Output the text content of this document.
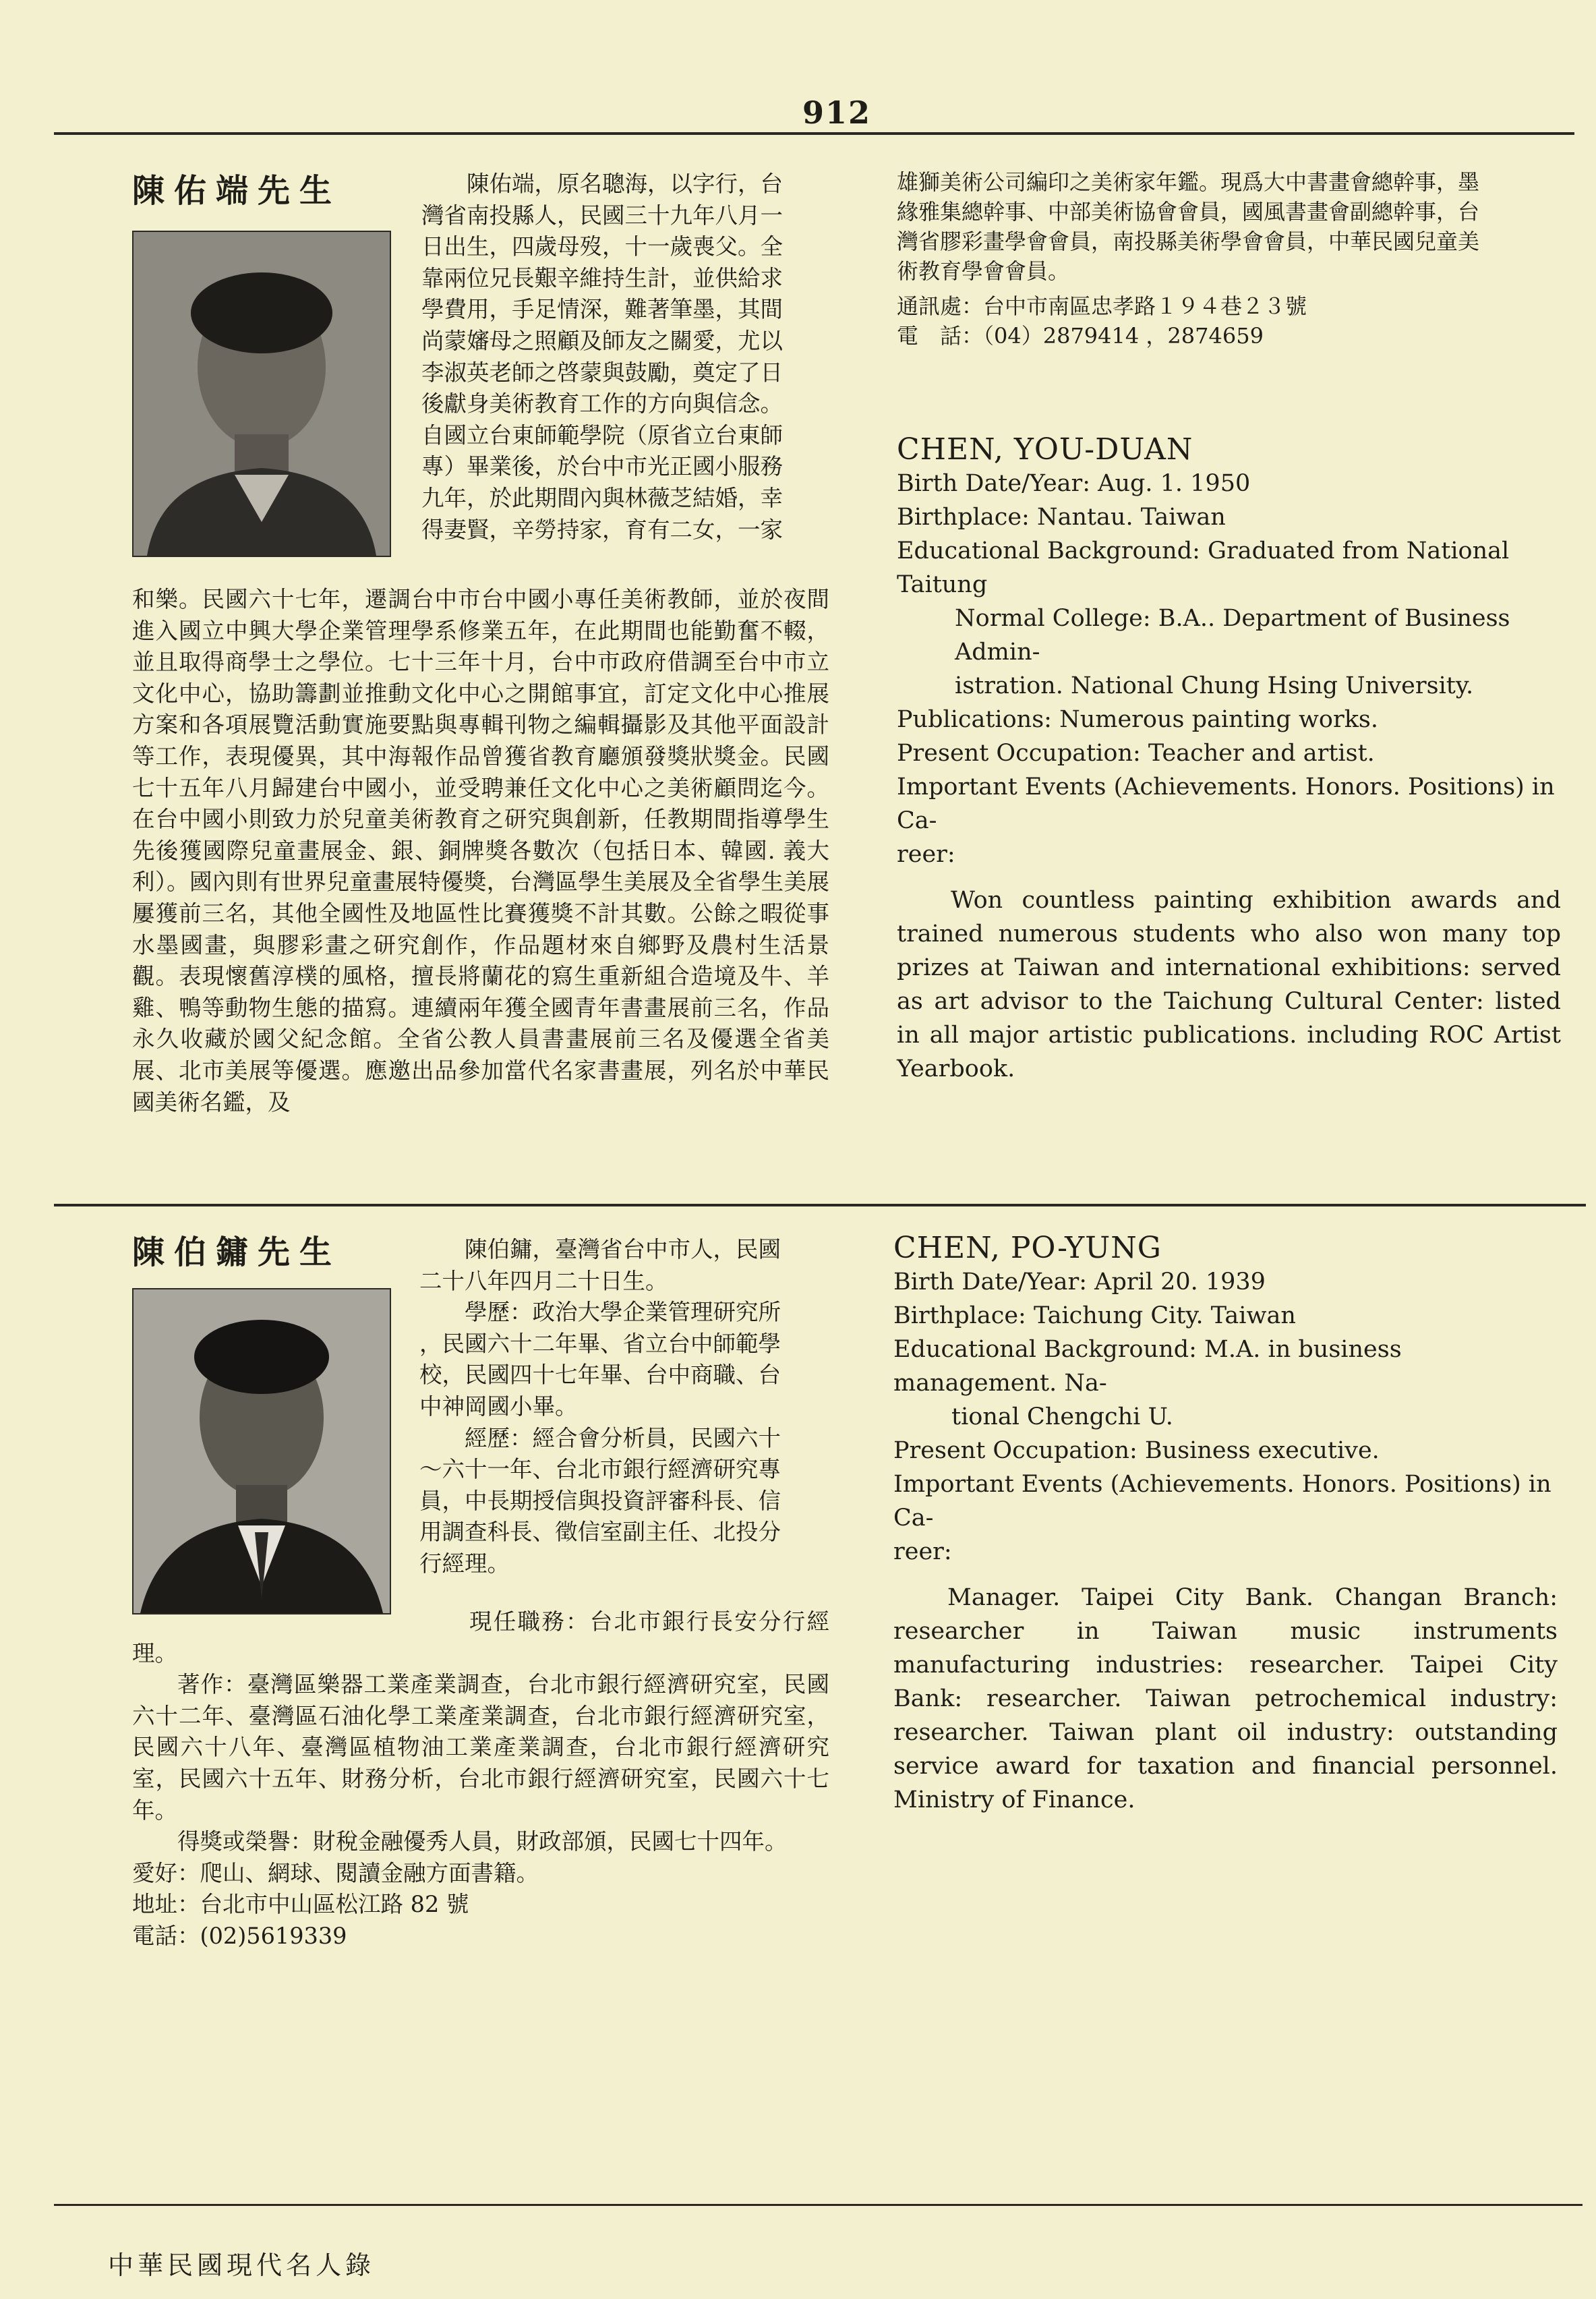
912
陳佑端先生	陳佑端，原名聰海，以字行，台

灣省南投縣人，民國三十九年八月一

日出生，四歲母歿，十一歲喪父。全

靠兩位兄長艱辛維持生計，並供給求

學費用，手足情深，難著筆墨，其間

尚蒙嬸母之照顧及師友之關愛，尤以

李淑英老師之啓蒙與鼓勵，奠定了日

後獻身美術教育工作的方向與信念。

自國立台東師範學院（原省立台東師

專）畢業後，於台中市光正國小服務

九年，於此期間內與林薇芝結婚，幸

得妻賢，辛勞持家，育有二女，一家

和樂。民國六十七年，遷調台中市台中國小專任美術教師，並於夜間進入國立中興大學企業管理學系修業五年，在此期間也能勤奮不輟，並且取得商學士之學位。七十三年十月，台中市政府借調至台中市立文化中心，協助籌劃並推動文化中心之開館事宜，訂定文化中心推展方案和各項展覽活動實施要點與專輯刊物之編輯攝影及其他平面設計等工作，表現優異，其中海報作品曾獲省教育廳頒發獎狀獎金。民國七十五年八月歸建台中國小，並受聘兼任文化中心之美術顧問迄今。在台中國小則致力於兒童美術教育之研究與創新，任教期間指導學生先後獲國際兒童畫展金、銀、銅牌獎各數次（包括日本、韓國. 義大利）。國內則有世界兒童畫展特優獎，台灣區學生美展及全省學生美展屢獲前三名，其他全國性及地區性比賽獲獎不計其數。公餘之暇從事水墨國畫，與膠彩畫之研究創作，作品題材來自鄉野及農村生活景觀。表現懷舊淳樸的風格，擅長將蘭花的寫生重新組合造境及牛、羊雞、鴨等動物生態的描寫。連續兩年獲全國青年書畫展前三名，作品永久收藏於國父紀念館。全省公教人員書畫展前三名及優選全省美展、北市美展等優選。應邀出品參加當代名家書畫展，列名於中華民國美術名鑑，及

雄獅美術公司編印之美術家年鑑。現爲大中書畫會總幹事，墨

緣雅集總幹事、中部美術協會會員，國風書畫會副總幹事，台

灣省膠彩畫學會會員，南投縣美術學會會員，中華民國兒童美

術教育學會會員。

通訊處：台中市南區忠孝路１９４巷２３號

電　話：（04）2879414 ，2874659

CHEN, YOU-DUAN

Birth Date/Year: Aug. 1. 1950

Birthplace: Nantau. Taiwan

Educational Background: Graduated from National Taitung

Normal College: B.A.. Department of Business Admin-

istration. National Chung Hsing University.

Publications: Numerous painting works.

Present Occupation: Teacher and artist.

Important Events (Achievements. Honors. Positions) in Ca-

reer:

Won countless painting exhibition awards and trained numerous students who also won many top prizes at Taiwan and international exhibitions: served as art advisor to the Taichung Cultural Center: listed in all major artistic publications. including ROC Artist Yearbook.

陳伯鏞先生	陳伯鏞，臺灣省台中市人，民國

二十八年四月二十日生。

學歷：政治大學企業管理研究所

，民國六十二年畢、省立台中師範學

校，民國四十七年畢、台中商職、台

中神岡國小畢。

經歷：經合會分析員，民國六十

～六十一年、台北市銀行經濟研究專

員，中長期授信與投資評審科長、信

用調查科長、徵信室副主任、北投分

行經理。

現任職務：台北市銀行長安分行經理。

著作：臺灣區樂器工業產業調查，台北市銀行經濟研究室，民國六十二年、臺灣區石油化學工業產業調查，台北市銀行經濟研究室，民國六十八年、臺灣區植物油工業產業調查，台北市銀行經濟研究室，民國六十五年、財務分析，台北市銀行經濟研究室，民國六十七年。

得獎或榮譽：財稅金融優秀人員，財政部頒，民國七十四年。

愛好：爬山、網球、閱讀金融方面書籍。

地址：台北市中山區松江路 82 號

電話：(02)5619339

CHEN, PO-YUNG

Birth Date/Year: April 20. 1939

Birthplace: Taichung City. Taiwan

Educational Background: M.A. in business management. Na-

tional Chengchi U.

Present Occupation: Business executive.

Important Events (Achievements. Honors. Positions) in Ca-

reer:

Manager. Taipei City Bank. Changan Branch: researcher in Taiwan music instruments manufacturing industries: researcher. Taipei City Bank: researcher. Taiwan petrochemical industry: researcher. Taiwan plant oil industry: outstanding service award for taxation and financial personnel. Ministry of Finance.

中華民國現代名人錄
